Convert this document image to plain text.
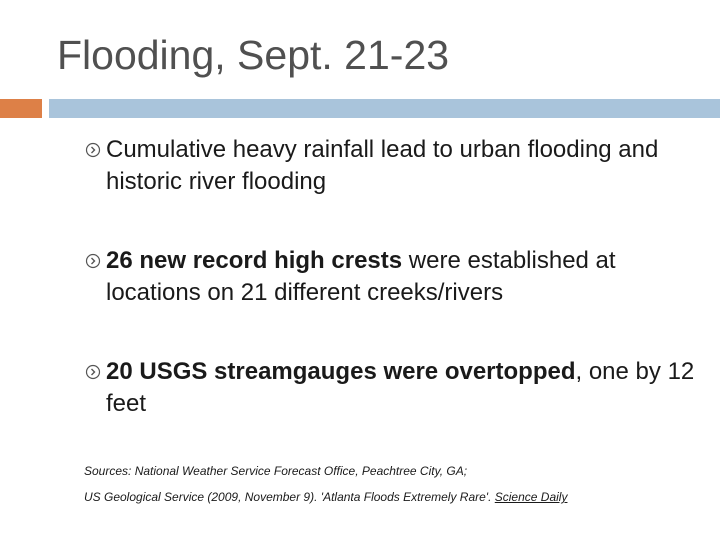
Flooding, Sept. 21-23
Cumulative heavy rainfall lead to urban flooding and historic river flooding
26 new record high crests were established at locations on 21 different creeks/rivers
20 USGS streamgauges were overtopped, one by 12 feet
Sources: National Weather Service Forecast Office, Peachtree City, GA;
US Geological Service (2009, November 9). 'Atlanta Floods Extremely Rare'. Science Daily
